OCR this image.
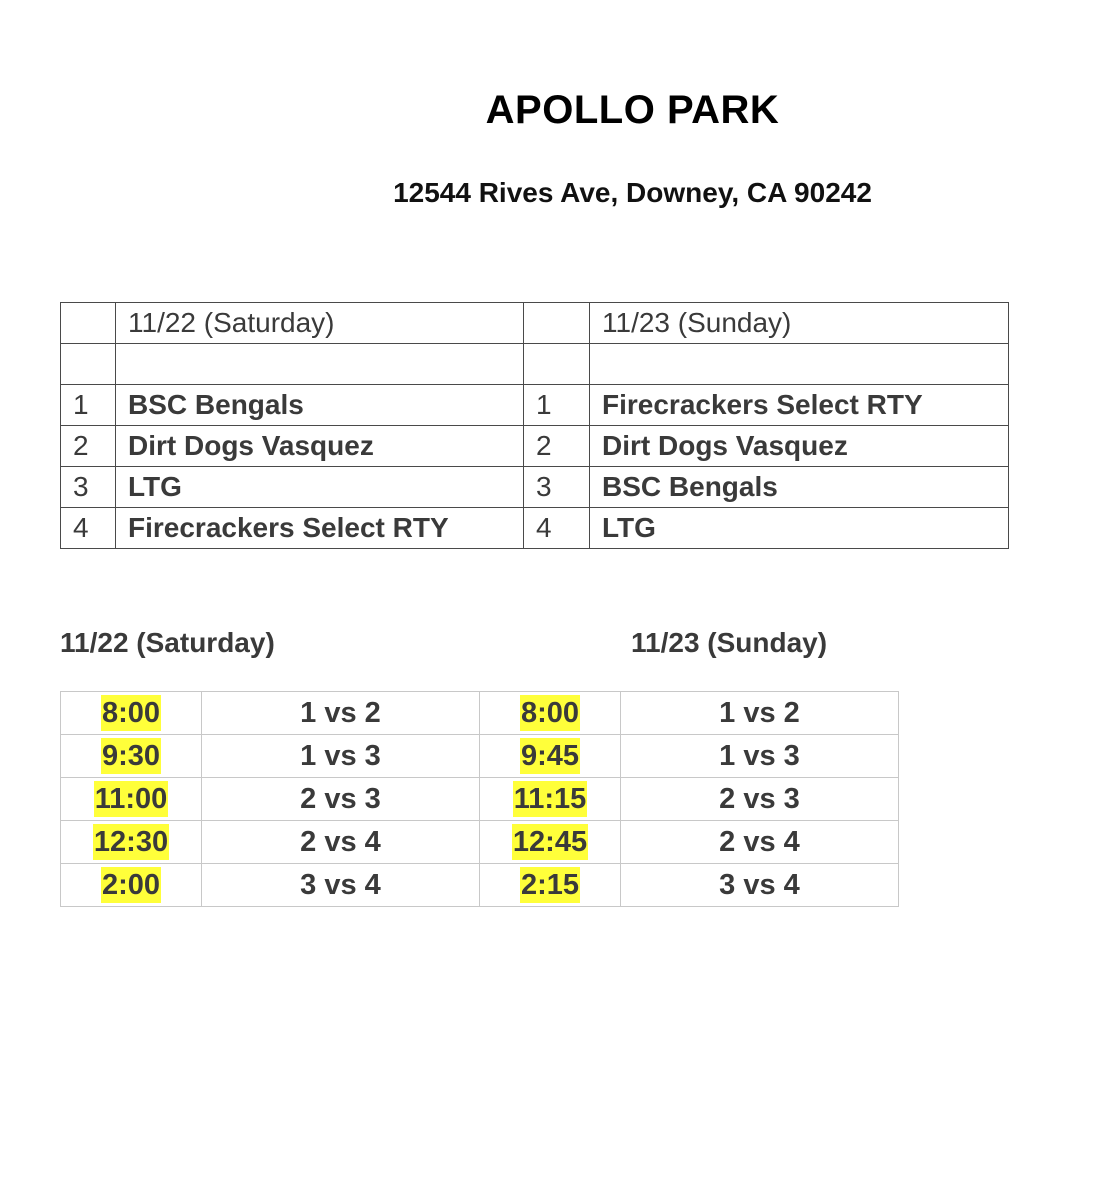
APOLLO PARK
12544 Rives Ave, Downey, CA 90242
	11/22 (Saturday)		11/23 (Sunday)

1	BSC Bengals	1	Firecrackers Select RTY
2	Dirt Dogs Vasquez	2	Dirt Dogs Vasquez
3	LTG	3	BSC Bengals
4	Firecrackers Select RTY	4	LTG
11/22 (Saturday)	11/23 (Sunday)
8:00	1 vs 2	8:00	1 vs 2
9:30	1 vs 3	9:45	1 vs 3
11:00	2 vs 3	11:15	2 vs 3
12:30	2 vs 4	12:45	2 vs 4
2:00	3 vs 4	2:15	3 vs 4
